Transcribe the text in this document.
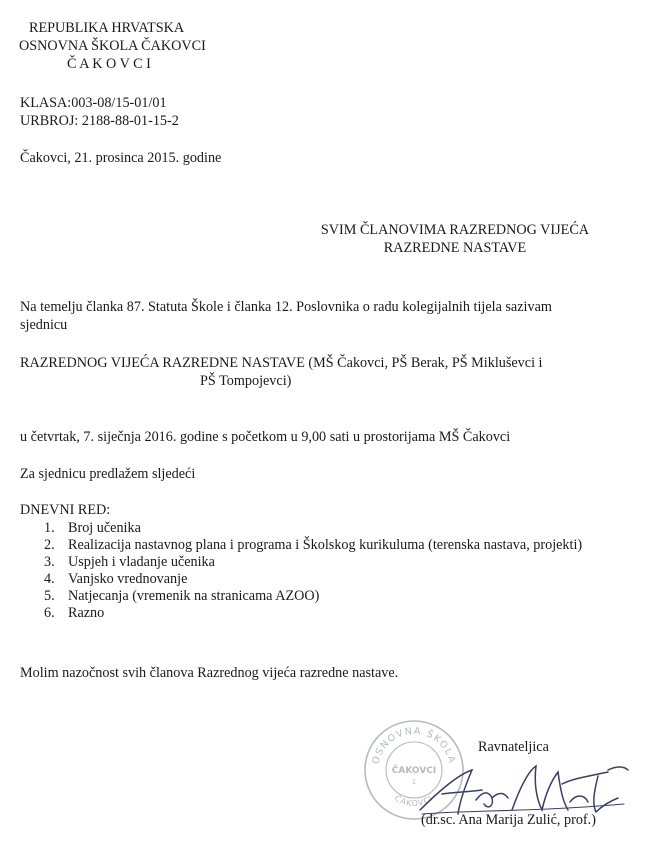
REPUBLIKA HRVATSKA
OSNOVNA ŠKOLA ČAKOVCI
Č A K O V C I
KLASA:003-08/15-01/01
URBROJ: 2188-88-01-15-2
Čakovci, 21. prosinca 2015. godine
SVIM ČLANOVIMA RAZREDNOG VIJEĆA
RAZREDNE NASTAVE
Na temelju članka 87. Statuta Škole i članka 12. Poslovnika o radu kolegijalnih tijela sazivam
sjednicu
RAZREDNOG VIJEĆA RAZREDNE NASTAVE (MŠ Čakovci, PŠ Berak, PŠ Mikluševci i
PŠ Tompojevci)
u četvrtak, 7. siječnja 2016. godine s početkom u 9,00 sati u prostorijama MŠ Čakovci
Za sjednicu predlažem sljedeći
DNEVNI RED:
1. Broj učenika
2. Realizacija nastavnog plana i programa i Školskog kurikuluma (terenska nastava, projekti)
3. Uspjeh i vladanje učenika
4. Vanjsko vrednovanje
5. Natjecanja (vremenik na stranicama AZOO)
6. Razno
Molim nazočnost svih članova Razrednog vijeća razredne nastave.
OSNOVNA ŠKOLA
ČAKOVCI
1
ČAKOVCI
Ravnateljica
(dr.sc. Ana Marija Zulić, prof.)
